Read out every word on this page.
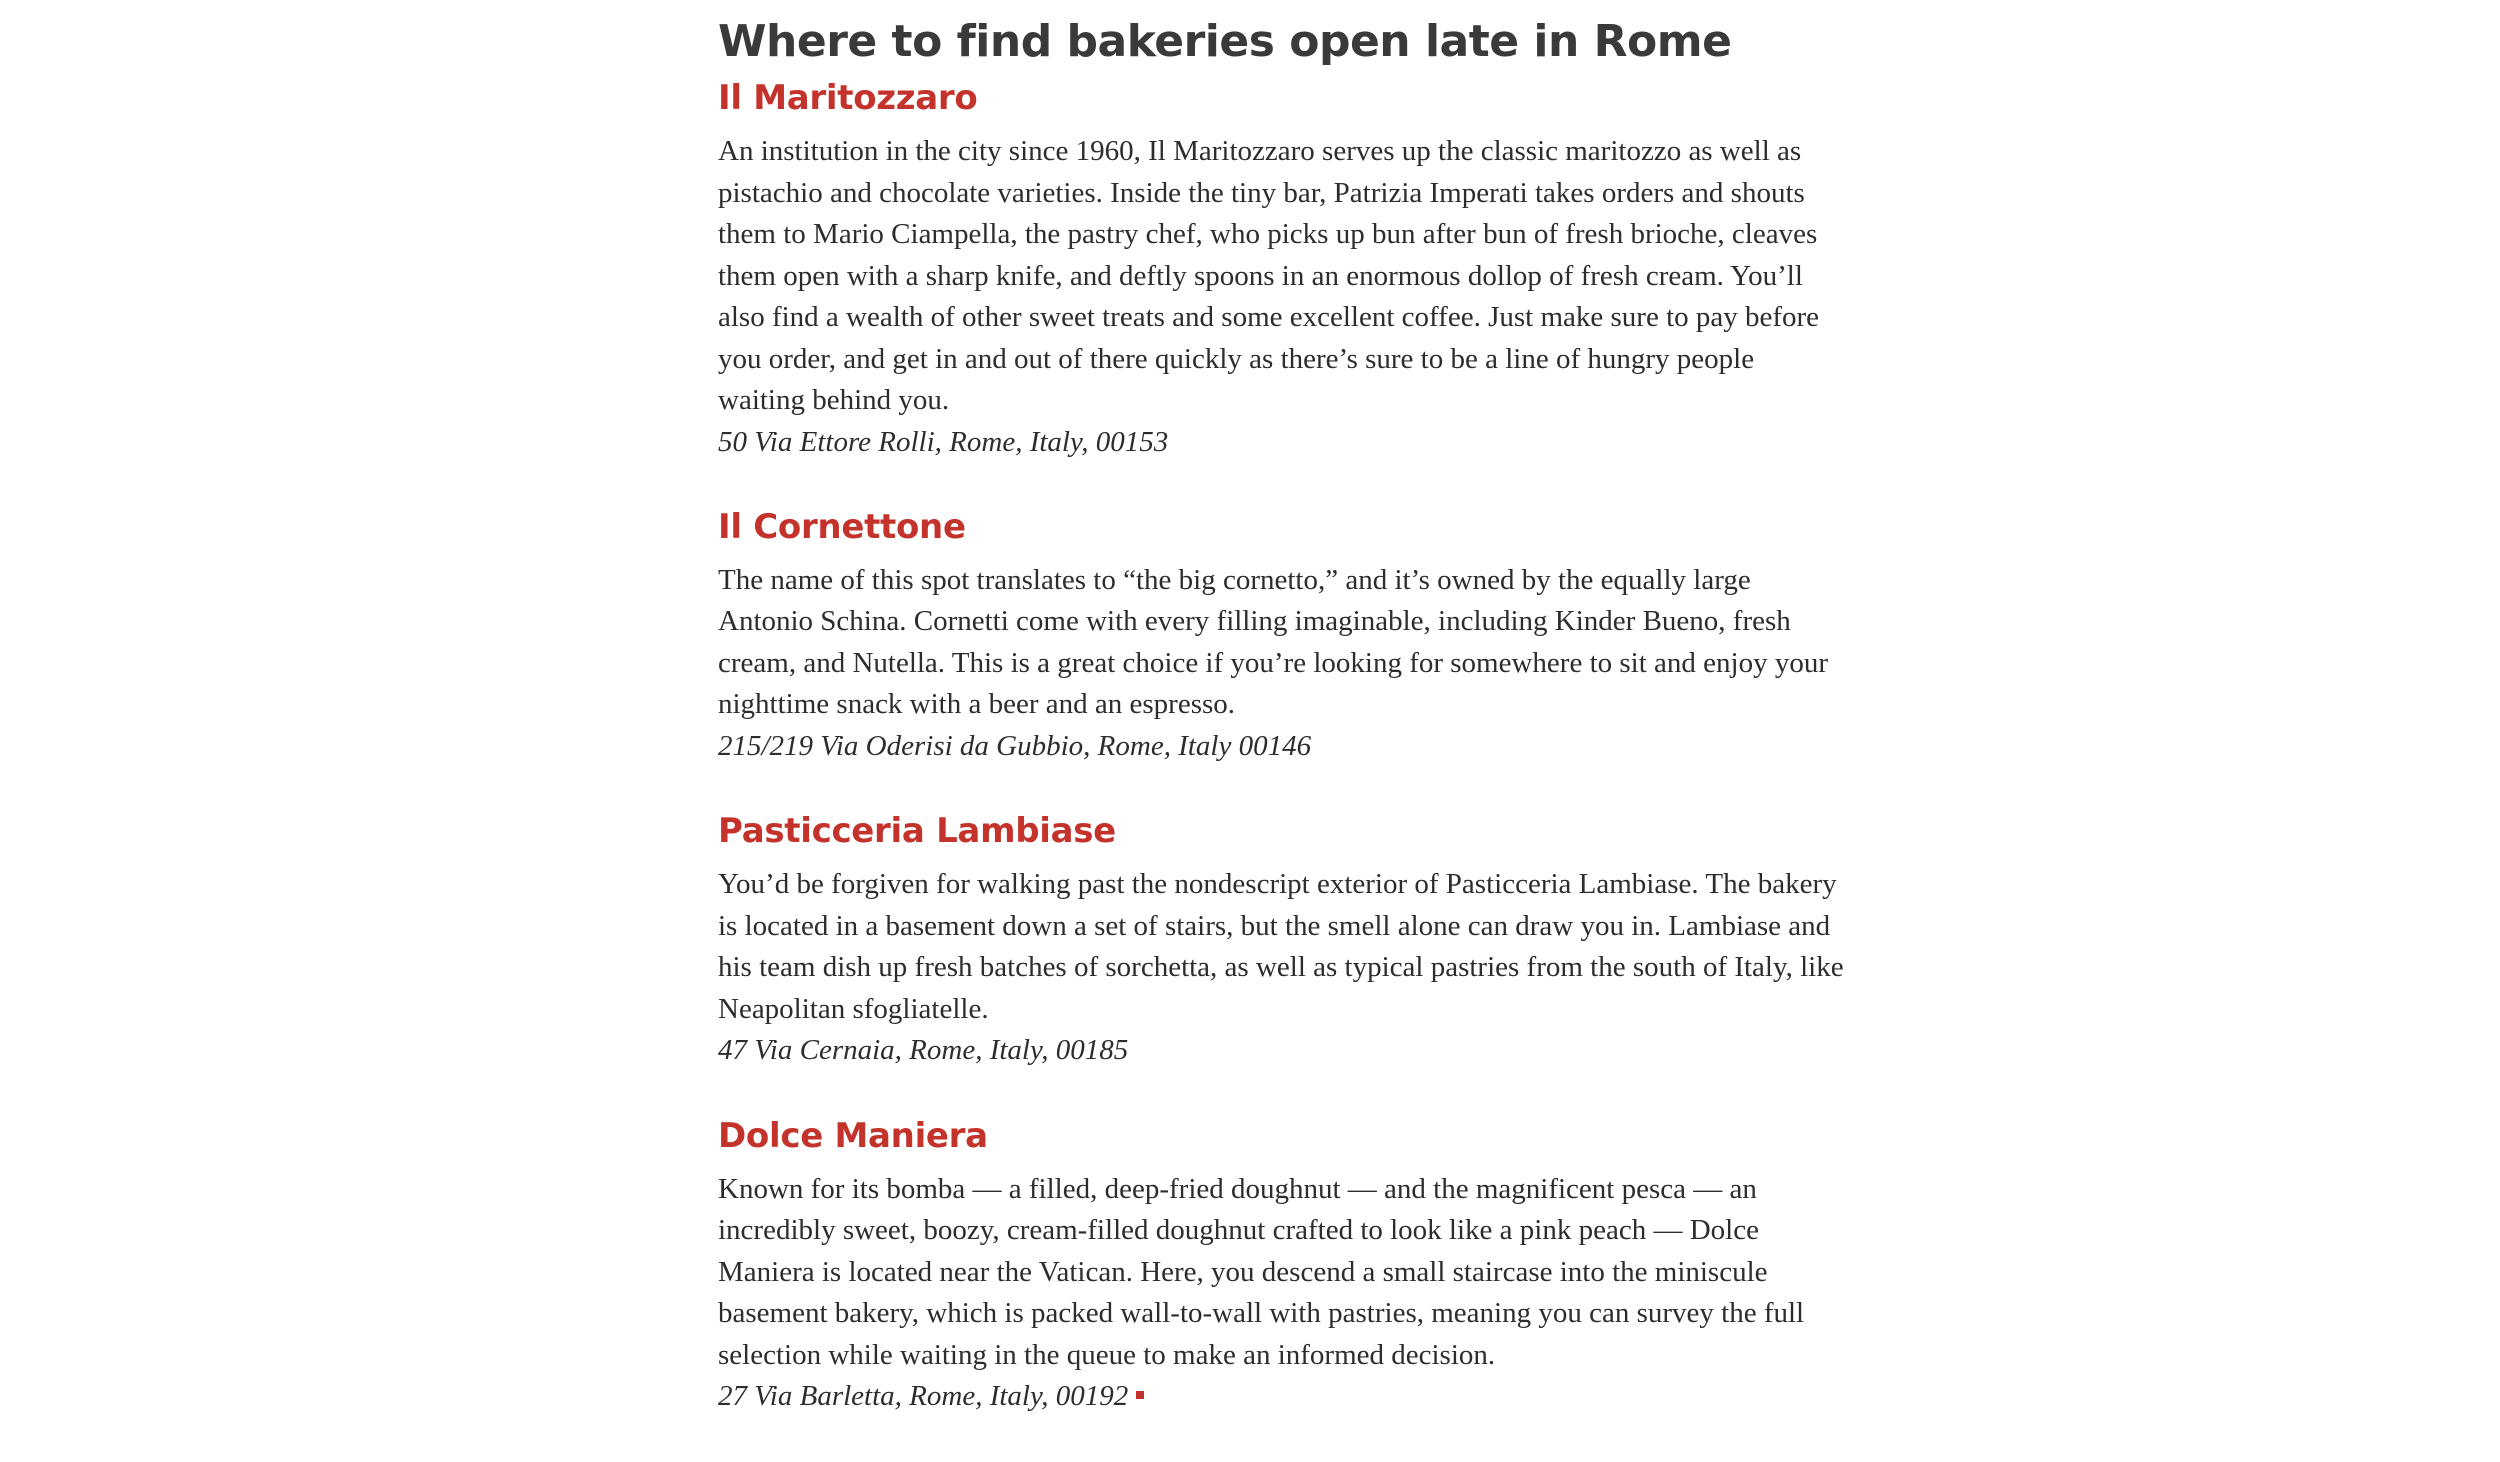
Where to find bakeries open late in Rome
Il Maritozzaro

An institution in the city since 1960, Il Maritozzaro serves up the classic maritozzo as well as pistachio and chocolate varieties. Inside the tiny bar, Patrizia Imperati takes orders and shouts them to Mario Ciampella, the pastry chef, who picks up bun after bun of fresh brioche, cleaves them open with a sharp knife, and deftly spoons in an enormous dollop of fresh cream. You’ll also find a wealth of other sweet treats and some excellent coffee. Just make sure to pay before you order, and get in and out of there quickly as there’s sure to be a line of hungry people waiting behind you.

50 Via Ettore Rolli, Rome, Italy, 00153

Il Cornettone

The name of this spot translates to “the big cornetto,” and it’s owned by the equally large Antonio Schina. Cornetti come with every filling imaginable, including Kinder Bueno, fresh cream, and Nutella. This is a great choice if you’re looking for somewhere to sit and enjoy your nighttime snack with a beer and an espresso.

215/219 Via Oderisi da Gubbio, Rome, Italy 00146

Pasticceria Lambiase

You’d be forgiven for walking past the nondescript exterior of Pasticceria Lambiase. The bakery is located in a basement down a set of stairs, but the smell alone can draw you in. Lambiase and his team dish up fresh batches of sorchetta, as well as typical pastries from the south of Italy, like Neapolitan sfogliatelle.

47 Via Cernaia, Rome, Italy, 00185

Dolce Maniera

Known for its bomba — a filled, deep-fried doughnut — and the magnificent pesca — an incredibly sweet, boozy, cream-filled doughnut crafted to look like a pink peach — Dolce Maniera is located near the Vatican. Here, you descend a small staircase into the miniscule basement bakery, which is packed wall-to-wall with pastries, meaning you can survey the full selection while waiting in the queue to make an informed decision.

27 Via Barletta, Rome, Italy, 00192
